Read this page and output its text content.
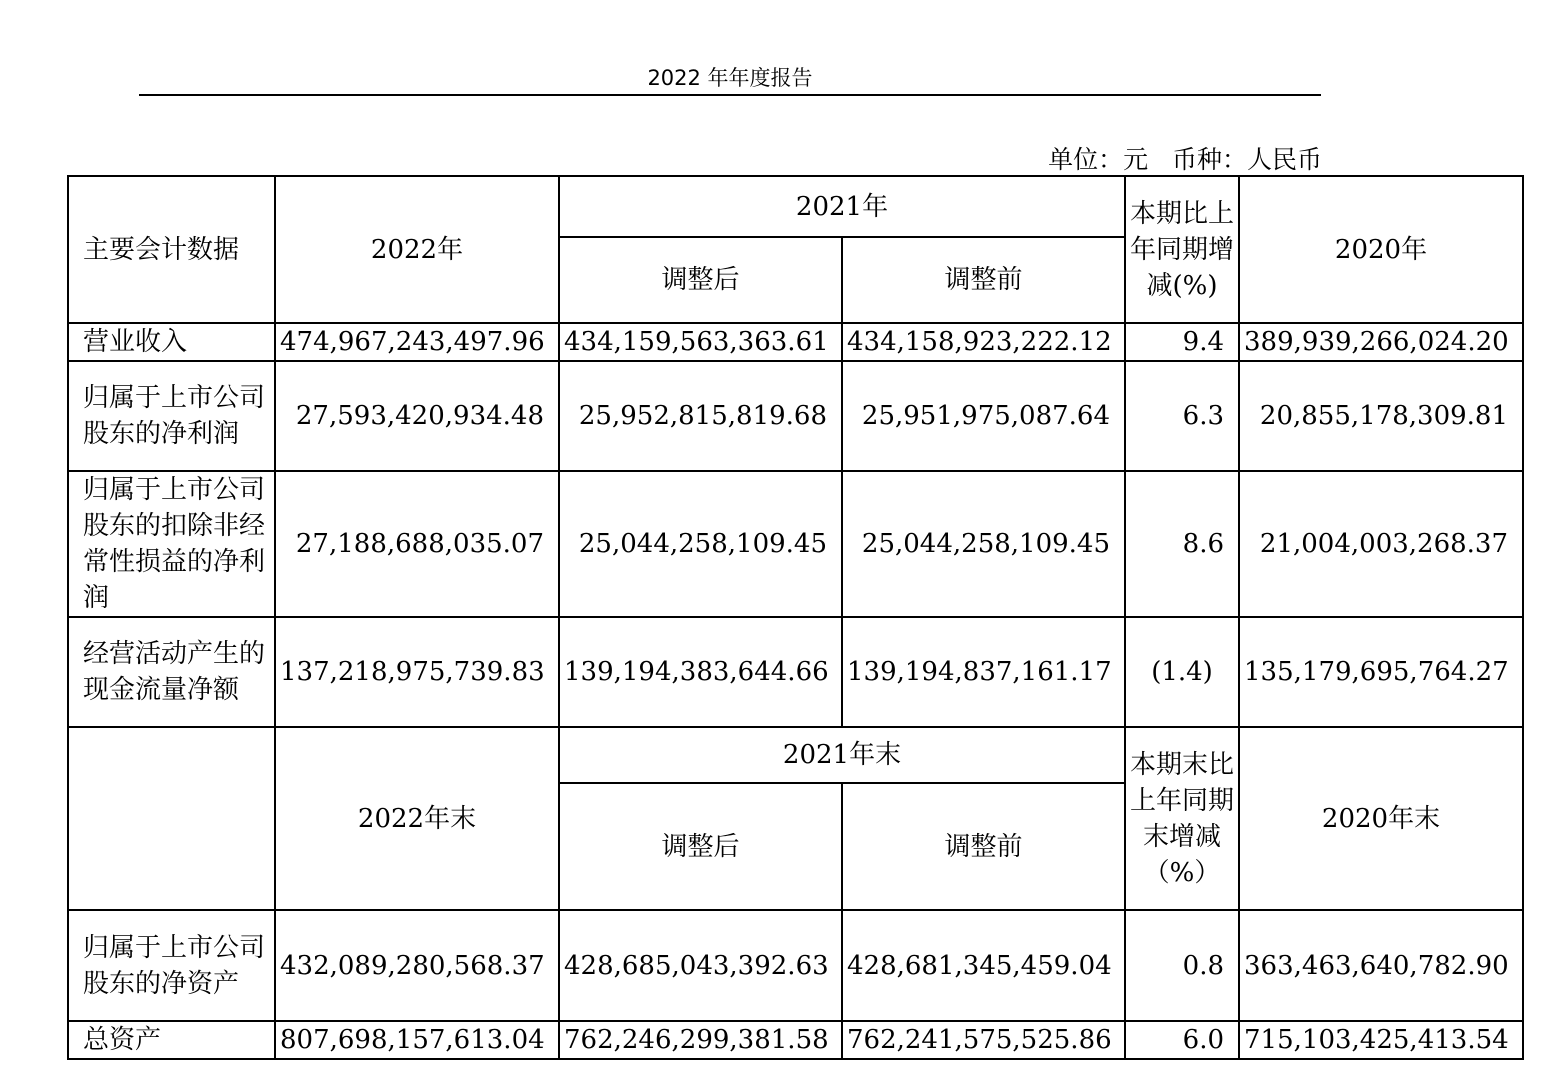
2022 年年度报告
单位：元 币种：人民币
主要会计数据	2022年	2021年		本期比上年同期增减(%)	2020年
		调整后	调整前		
营业收入	474,967,243,497.96	434,159,563,363.61	434,158,923,222.12	9.4	389,939,266,024.20
归属于上市公司股东的净利润	27,593,420,934.48	25,952,815,819.68	25,951,975,087.64	6.3	20,855,178,309.81
归属于上市公司股东的扣除非经常性损益的净利润	27,188,688,035.07	25,044,258,109.45	25,044,258,109.45	8.6	21,004,003,268.37
经营活动产生的现金流量净额	137,218,975,739.83	139,194,383,644.66	139,194,837,161.17	(1.4)	135,179,695,764.27
	2022年末	2021年末		本期末比上年同期末增减（%）	2020年末
		调整后	调整前		
归属于上市公司股东的净资产	432,089,280,568.37	428,685,043,392.63	428,681,345,459.04	0.8	363,463,640,782.90
总资产	807,698,157,613.04	762,246,299,381.58	762,241,575,525.86	6.0	715,103,425,413.54
